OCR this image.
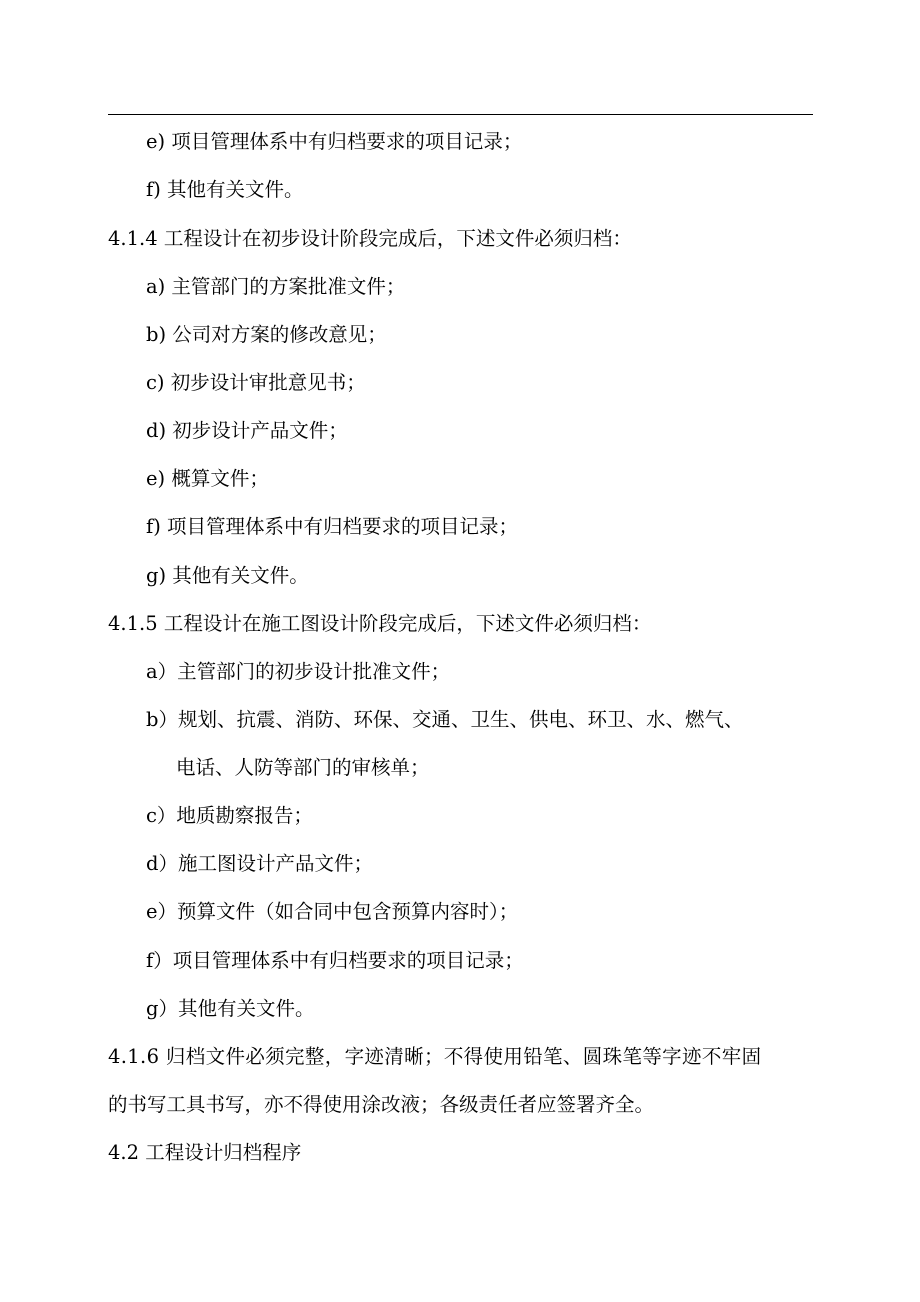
e) 项目管理体系中有归档要求的项目记录；
f) 其他有关文件。
4.1.4 工程设计在初步设计阶段完成后，下述文件必须归档：
a) 主管部门的方案批准文件；
b) 公司对方案的修改意见；
c) 初步设计审批意见书；
d) 初步设计产品文件；
e) 概算文件；
f) 项目管理体系中有归档要求的项目记录；
g) 其他有关文件。
4.1.5 工程设计在施工图设计阶段完成后，下述文件必须归档：
a）主管部门的初步设计批准文件；
b）规划、抗震、消防、环保、交通、卫生、供电、环卫、水、燃气、
电话、人防等部门的审核单；
c）地质勘察报告；
d）施工图设计产品文件；
e）预算文件（如合同中包含预算内容时）；
f）项目管理体系中有归档要求的项目记录；
g）其他有关文件。
4.1.6 归档文件必须完整，字迹清晰；不得使用铅笔、圆珠笔等字迹不牢固
的书写工具书写，亦不得使用涂改液；各级责任者应签署齐全。
4.2 工程设计归档程序
